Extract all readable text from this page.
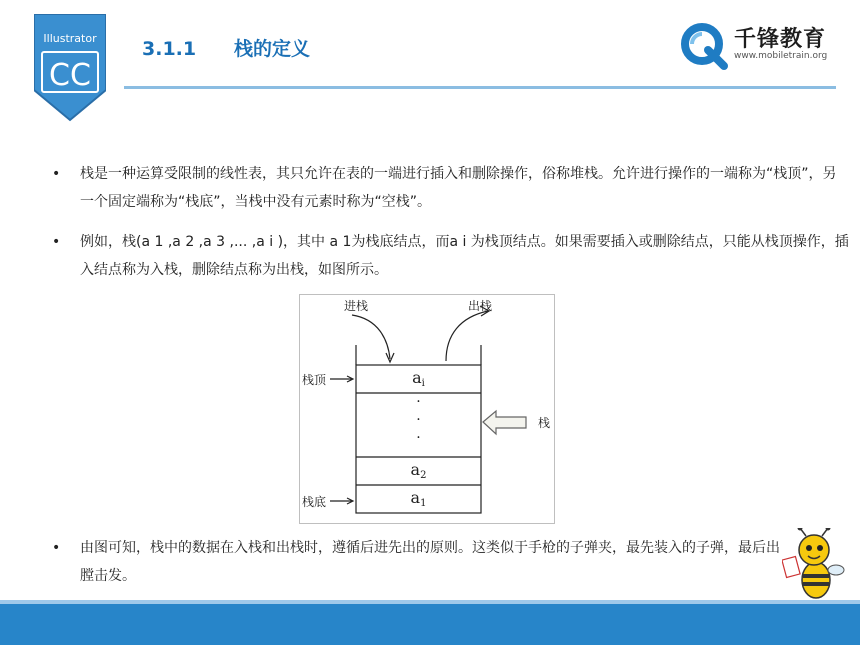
Illustrator
CC
3.1.1 栈的定义	千锋教育
www.mobiletrain.org
• 栈是一种运算受限制的线性表，其只允许在表的一端进行插入和删除操作，俗称堆栈。允许进行操作的一端称为“栈顶”，另一个固定端称为“栈底”，当栈中没有元素时称为“空栈”。
• 例如，栈(a 1 ,a 2 ,a 3 ,... ,a i )，其中 a 1为栈底结点，而a i 为栈顶结点。如果需要插入或删除结点，只能从栈顶操作，插入结点称为入栈，删除结点称为出栈，如图所示。
进栈	出栈
栈顶
栈底
栈
$a_i$
·
·
·
$a_2$
$a_1$
• 由图可知，栈中的数据在入栈和出栈时，遵循后进先出的原则。这类似于手枪的子弹夹，最先装入的子弹，最后出膛击发。
